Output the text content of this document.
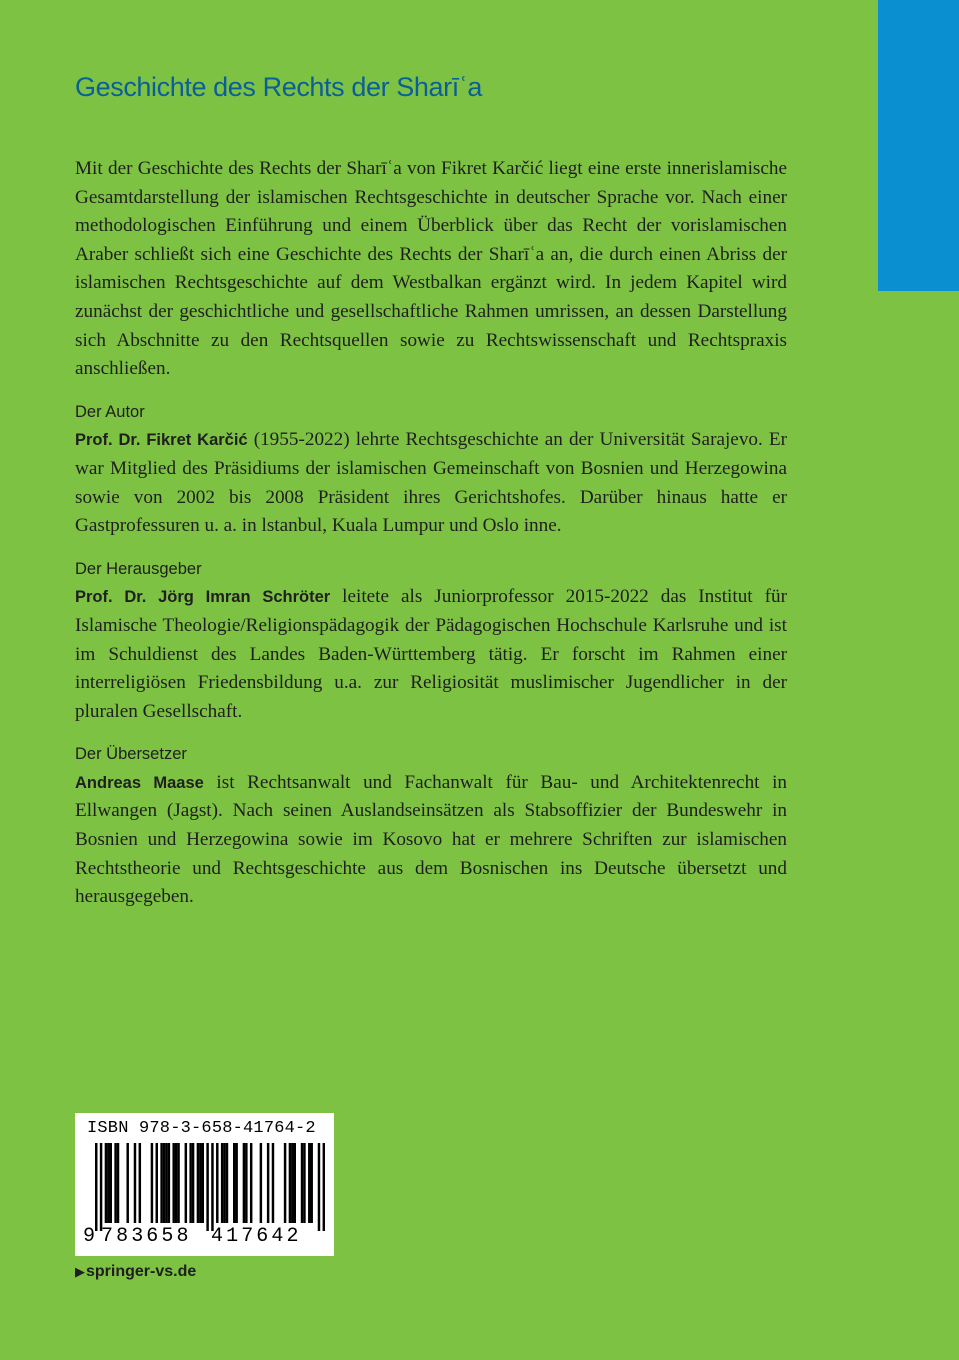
Geschichte des Rechts der Sharīʿa

Mit der Geschichte des Rechts der Sharīʿa von Fikret Karčić liegt eine erste innerislamische Gesamtdarstellung der islamischen Rechtsgeschichte in deutscher Sprache vor. Nach einer methodologischen Einführung und einem Überblick über das Recht der vorislamischen Araber schließt sich eine Geschichte des Rechts der Sharīʿa an, die durch einen Abriss der islamischen Rechtsgeschichte auf dem Westbalkan ergänzt wird. In jedem Kapitel wird zunächst der geschichtliche und gesellschaftliche Rahmen umrissen, an dessen Darstellung sich Abschnitte zu den Rechtsquellen sowie zu Rechtswissenschaft und Rechtspraxis anschließen.

Der Autor

Prof. Dr. Fikret Karčić (1955-2022) lehrte Rechtsgeschichte an der Universität Sarajevo. Er war Mitglied des Präsidiums der islamischen Gemeinschaft von Bosnien und Herzegowina sowie von 2002 bis 2008 Präsident ihres Gerichtshofes. Darüber hinaus hatte er Gastprofessuren u. a. in lstanbul, Kuala Lumpur und Oslo inne.

Der Herausgeber

Prof. Dr. Jörg Imran Schröter leitete als Juniorprofessor 2015-2022 das Institut für Islamische Theologie/Religionspädagogik der Pädagogischen Hochschule Karlsruhe und ist im Schuldienst des Landes Baden-Württemberg tätig. Er forscht im Rahmen einer interreligiösen Friedensbildung u.a. zur Religiosität muslimischer Jugendlicher in der pluralen Gesellschaft.

Der Übersetzer

Andreas Maase ist Rechtsanwalt und Fachanwalt für Bau- und Architektenrecht in Ellwangen (Jagst). Nach seinen Auslandseinsätzen als Stabsoffizier der Bundeswehr in Bosnien und Herzegowina sowie im Kosovo hat er mehrere Schriften zur islamischen Rechtstheorie und Rechtsgeschichte aus dem Bosnischen ins Deutsche übersetzt und herausgegeben.

ISBN 978-3-658-41764-2
9 783658 417642
▶springer-vs.de
